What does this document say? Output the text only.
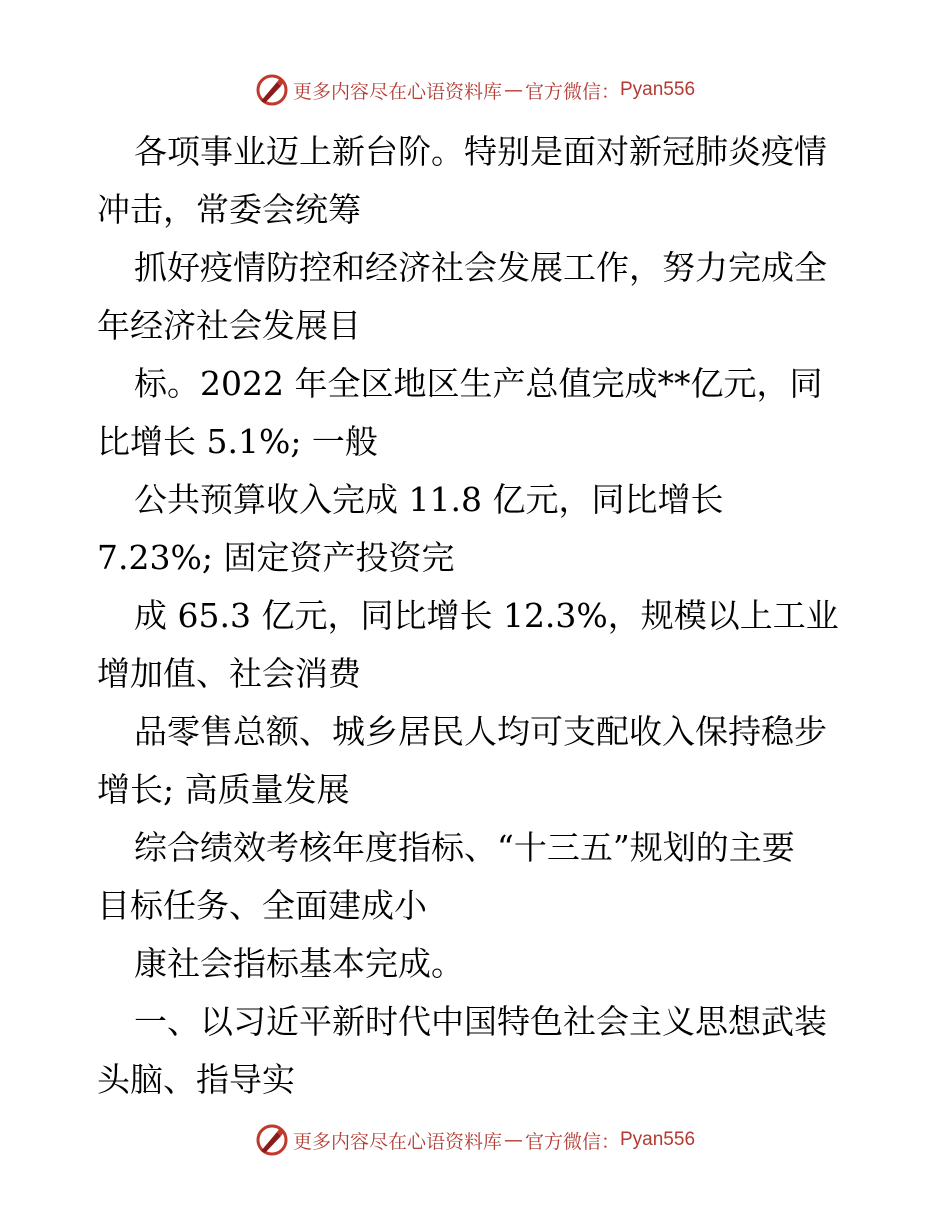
更多内容尽在心语资料库 — 官方微信： Pyan556

各项事业迈上新台阶。特别是面对新冠肺炎疫情
冲击，常委会统筹

抓好疫情防控和经济社会发展工作，努力完成全
年经济社会发展目

标。2022 年全区地区生产总值完成**亿元，同
比增长 5.1%; 一般

公共预算收入完成 11.8 亿元，同比增长
7.23%; 固定资产投资完

成 65.3 亿元，同比增长 12.3%，规模以上工业
增加值、社会消费

品零售总额、城乡居民人均可支配收入保持稳步
增长; 高质量发展

综合绩效考核年度指标、“十三五”规划的主要
目标任务、全面建成小

康社会指标基本完成。

一、以习近平新时代中国特色社会主义思想武装
头脑、指导实

更多内容尽在心语资料库 — 官方微信： Pyan556
